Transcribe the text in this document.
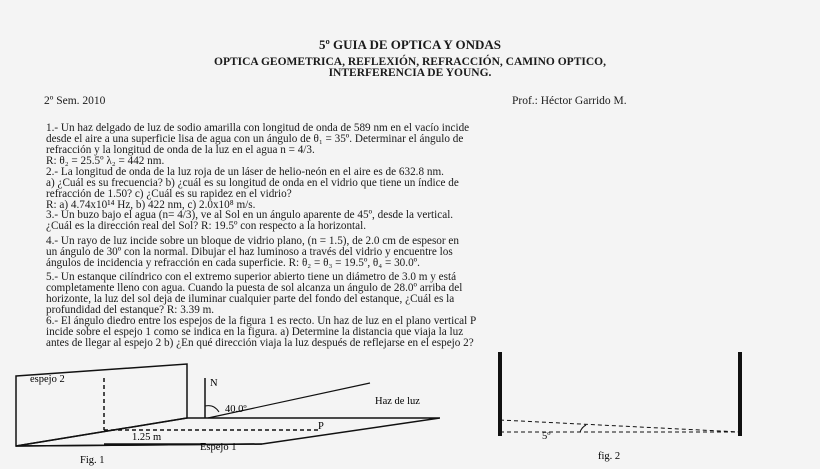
5º GUIA DE OPTICA Y ONDAS
OPTICA GEOMETRICA, REFLEXIÓN, REFRACCIÓN, CAMINO OPTICO,
INTERFERENCIA DE YOUNG.
2º Sem. 2010	Prof.: Héctor Garrido M.
1.- Un haz delgado de luz de sodio amarilla con longitud de onda de 589 nm en el vacío incide
desde el aire a una superficie lisa de agua con un ángulo de θ₁ = 35º. Determinar el ángulo de
refracción y la longitud de onda de la luz en el agua n = 4/3.
R: θ₂ = 25.5º λ₂ = 442 nm.
2.- La longitud de onda de la luz roja de un láser de helio-neón en el aire es de 632.8 nm.
a) ¿Cuál es su frecuencia? b) ¿cuál es su longitud de onda en el vidrio que tiene un índice de
refracción de 1.50? c) ¿Cuál es su rapidez en el vidrio?
R: a) 4.74x10¹⁴ Hz, b) 422 nm, c) 2.0x10⁸ m/s.
3.- Un buzo bajo el agua (n= 4/3), ve al Sol en un ángulo aparente de 45º, desde la vertical.
¿Cuál es la dirección real del Sol? R: 19.5º con respecto a la horizontal.
4.- Un rayo de luz incide sobre un bloque de vidrio plano, (n = 1.5), de 2.0 cm de espesor en
un ángulo de 30º con la normal. Dibujar el haz luminoso a través del vidrio y encuentre los
ángulos de incidencia y refracción en cada superficie. R: θ₂ = θ₃ = 19.5º, θ₄ = 30.0º.
5.- Un estanque cilíndrico con el extremo superior abierto tiene un diámetro de 3.0 m y está
completamente lleno con agua. Cuando la puesta de sol alcanza un ángulo de 28.0º arriba del
horizonte, la luz del sol deja de iluminar cualquier parte del fondo del estanque, ¿Cuál es la
profundidad del estanque? R: 3.39 m.
6.- El ángulo diedro entre los espejos de la figura 1 es recto. Un haz de luz en el plano vertical P
incide sobre el espejo 1 como se indica en la figura. a) Determine la distancia que viaja la luz
antes de llegar al espejo 2 b) ¿En qué dirección viaja la luz después de reflejarse en el espejo 2?
espejo 2	N
Haz de luz
40.0º
P
1.25 m
Espejo 1
Fig. 1
5º
fig. 2
